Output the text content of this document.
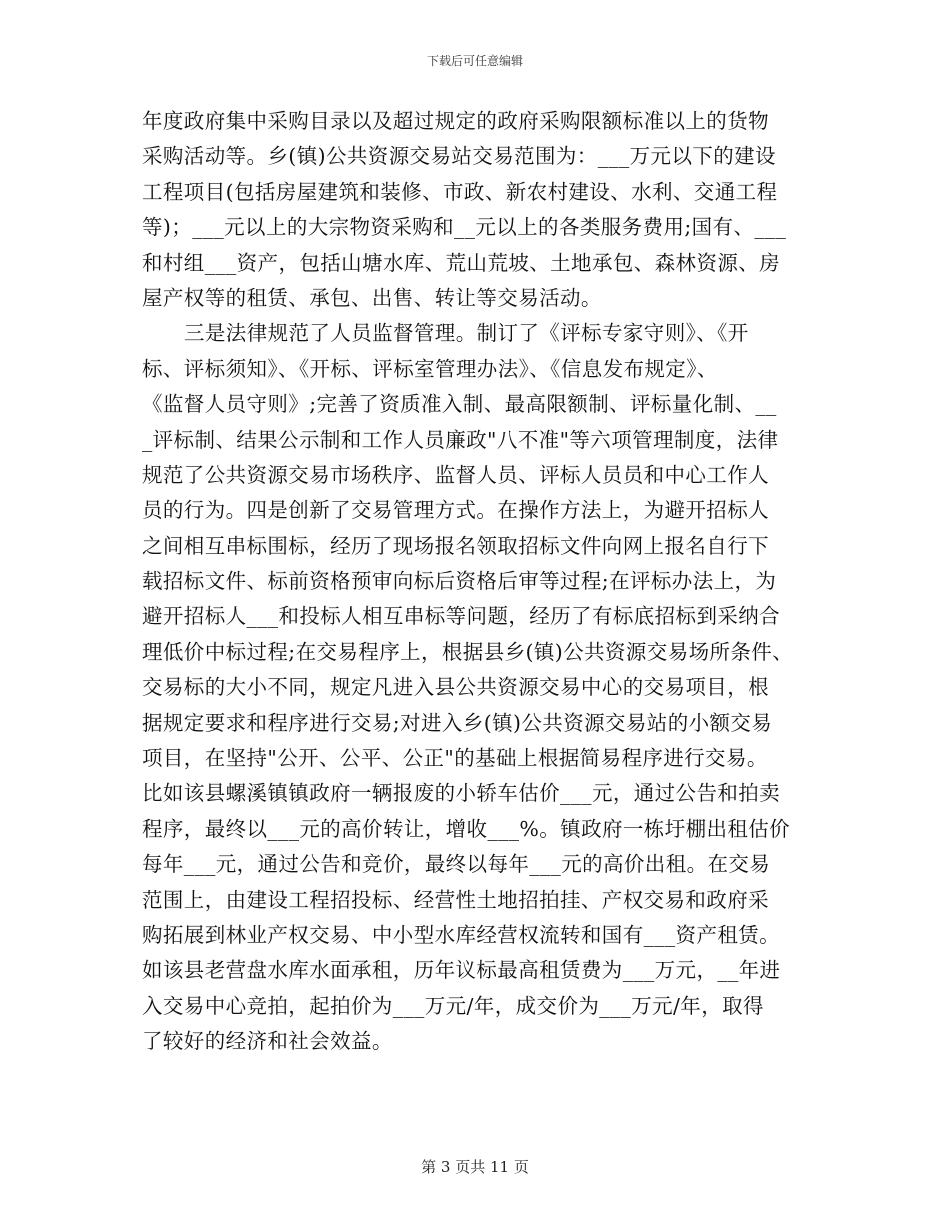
下载后可任意编辑
年度政府集中采购目录以及超过规定的政府采购限额标准以上的货物
采购活动等。乡(镇)公共资源交易站交易范围为：___万元以下的建设
工程项目(包括房屋建筑和装修、市政、新农村建设、水利、交通工程
等)；___元以上的大宗物资采购和__元以上的各类服务费用;国有、___
和村组___资产，包括山塘水库、荒山荒坡、土地承包、森林资源、房
屋产权等的租赁、承包、出售、转让等交易活动。
三是法律规范了人员监督管理。制订了《评标专家守则》、《开
标、评标须知》、《开标、评标室管理办法》、《信息发布规定》、
《监督人员守则》;完善了资质准入制、最高限额制、评标量化制、__
_评标制、结果公示制和工作人员廉政"八不准"等六项管理制度，法律
规范了公共资源交易市场秩序、监督人员、评标人员员和中心工作人
员的行为。四是创新了交易管理方式。在操作方法上，为避开招标人
之间相互串标围标，经历了现场报名领取招标文件向网上报名自行下
载招标文件、标前资格预审向标后资格后审等过程;在评标办法上，为
避开招标人___和投标人相互串标等问题，经历了有标底招标到采纳合
理低价中标过程;在交易程序上，根据县乡(镇)公共资源交易场所条件、
交易标的大小不同，规定凡进入县公共资源交易中心的交易项目，根
据规定要求和程序进行交易;对进入乡(镇)公共资源交易站的小额交易
项目，在坚持"公开、公平、公正"的基础上根据简易程序进行交易。
比如该县螺溪镇镇政府一辆报废的小轿车估价___元，通过公告和拍卖
程序，最终以___元的高价转让，增收___%。镇政府一栋圩棚出租估价
每年___元，通过公告和竞价，最终以每年___元的高价出租。在交易
范围上，由建设工程招投标、经营性土地招拍挂、产权交易和政府采
购拓展到林业产权交易、中小型水库经营权流转和国有___资产租赁。
如该县老营盘水库水面承租，历年议标最高租赁费为___万元，__年进
入交易中心竞拍，起拍价为___万元/年，成交价为___万元/年，取得
了较好的经济和社会效益。
第 3 页共 11 页
